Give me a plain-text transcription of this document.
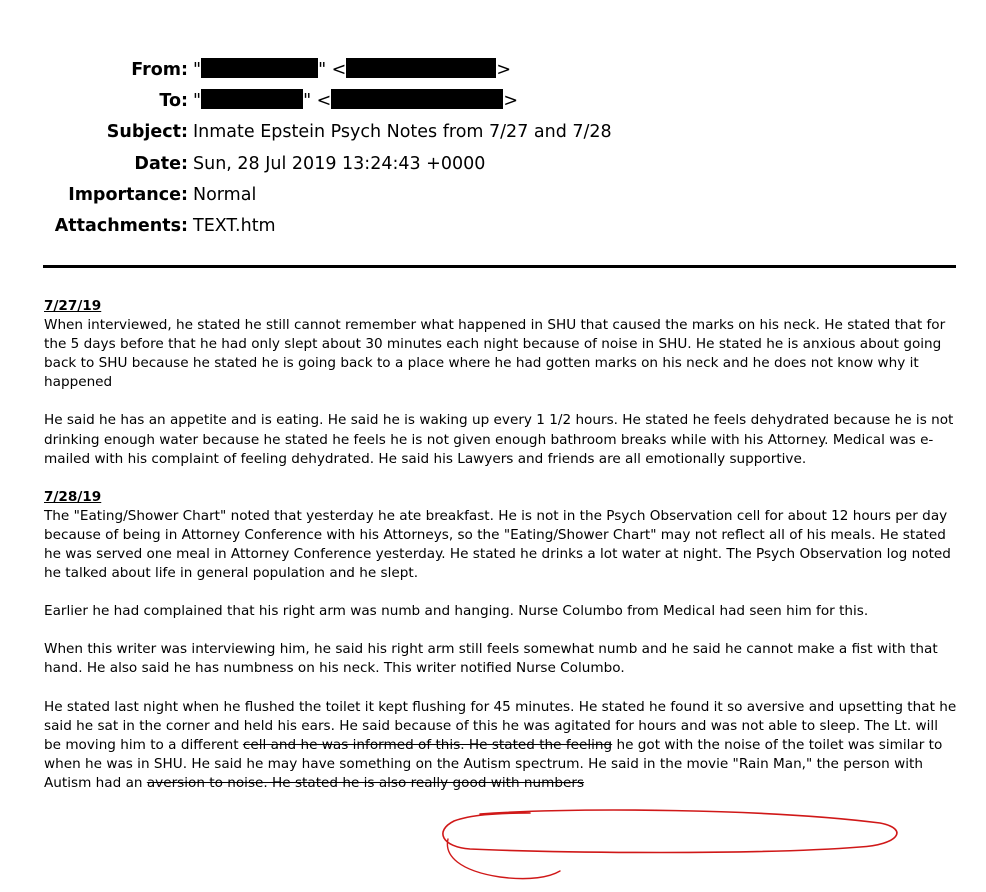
From: "	" <	>
To: "	" <	>
Subject: Inmate Epstein Psych Notes from 7/27 and 7/28
Date: Sun, 28 Jul 2019 13:24:43 +0000
Importance: Normal
Attachments: TEXT.htm
7/27/19

When interviewed, he stated he still cannot remember what happened in SHU that caused the marks on his neck. He stated that for the 5 days before that he had only slept about 30 minutes each night because of noise in SHU. He stated he is anxious about going back to SHU because he stated he is going back to a place where he had gotten marks on his neck and he does not know why it happened

He said he has an appetite and is eating. He said he is waking up every 1 1/2 hours. He stated he feels dehydrated because he is not drinking enough water because he stated he feels he is not given enough bathroom breaks while with his Attorney. Medical was e-mailed with his complaint of feeling dehydrated. He said his Lawyers and friends are all emotionally supportive.

7/28/19

The "Eating/Shower Chart" noted that yesterday he ate breakfast. He is not in the Psych Observation cell for about 12 hours per day because of being in Attorney Conference with his Attorneys, so the "Eating/Shower Chart" may not reflect all of his meals. He stated he was served one meal in Attorney Conference yesterday. He stated he drinks a lot water at night. The Psych Observation log noted he talked about life in general population and he slept.

Earlier he had complained that his right arm was numb and hanging. Nurse Columbo from Medical had seen him for this.

When this writer was interviewing him, he said his right arm still feels somewhat numb and he said he cannot make a fist with that hand. He also said he has numbness on his neck. This writer notified Nurse Columbo.

He stated last night when he flushed the toilet it kept flushing for 45 minutes. He stated he found it so aversive and upsetting that he said he sat in the corner and held his ears. He said because of this he was agitated for hours and was not able to sleep. The Lt. will be moving him to a different cell and he was informed of this. He stated the feeling he got with the noise of the toilet was similar to when he was in SHU. He said he may have something on the Autism spectrum. He said in the movie "Rain Man," the person with Autism had an aversion to noise. He stated he is also really good with numbers
